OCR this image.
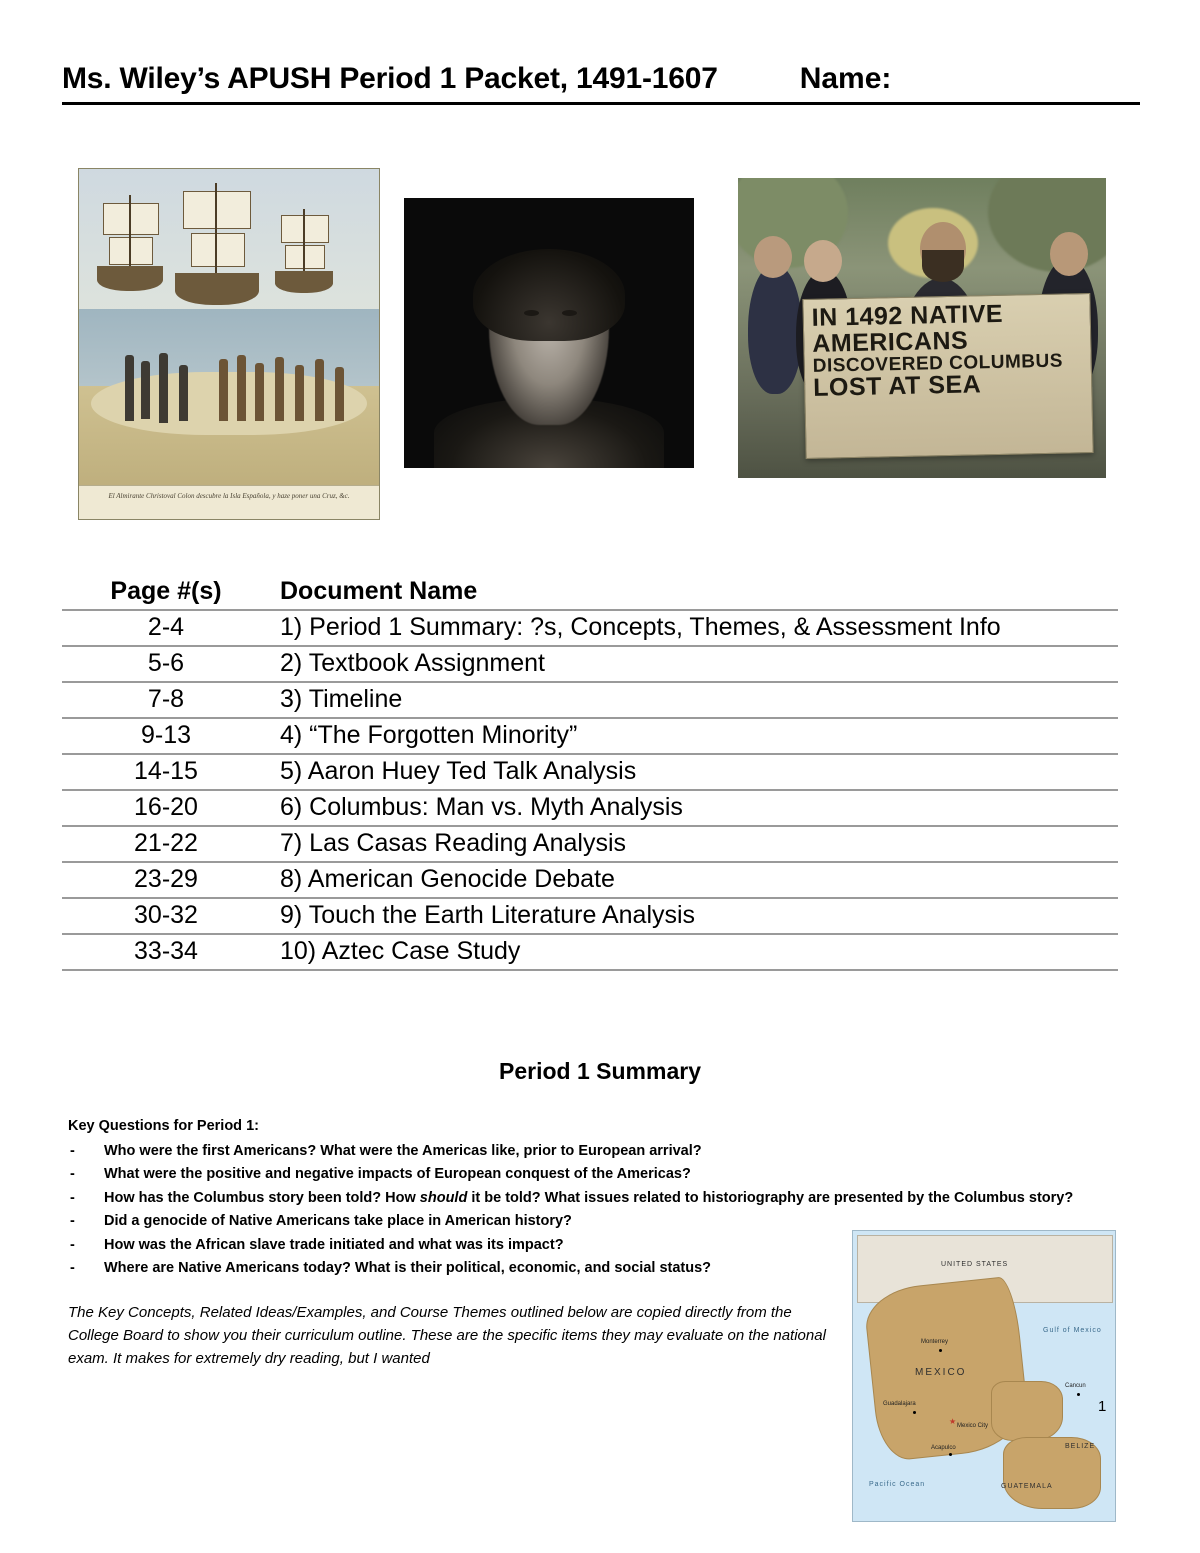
Ms. Wiley’s APUSH Period 1 Packet, 1491-1607	Name:
El Almirante Christoval Colon descubre la Isla Española, y haze poner una Cruz, &c.
IN 1492 NATIVE
AMERICANS
DISCOVERED COLUMBUS
LOST AT SEA
Page #(s)	Document Name
2-4	1) Period 1 Summary: ?s, Concepts, Themes, & Assessment Info
5-6	2) Textbook Assignment
7-8	3) Timeline
9-13	4) “The Forgotten Minority”
14-15	5) Aaron Huey Ted Talk Analysis
16-20	6) Columbus: Man vs. Myth Analysis
21-22	7) Las Casas Reading Analysis
23-29	8) American Genocide Debate
30-32	9) Touch the Earth Literature Analysis
33-34	10) Aztec Case Study
Period 1 Summary
Key Questions for Period 1:
- Who were the first Americans? What were the Americas like, prior to European arrival?
- What were the positive and negative impacts of European conquest of the Americas?
- How has the Columbus story been told? How should it be told? What issues related to historiography are presented by the Columbus story?
- Did a genocide of Native Americans take place in American history?
- How was the African slave trade initiated and what was its impact?
- Where are Native Americans today? What is their political, economic, and social status?
The Key Concepts, Related Ideas/Examples, and Course Themes outlined below are copied directly from the College Board to show you their curriculum outline. These are the specific items they may evaluate on the national exam. It makes for extremely dry reading, but I wanted
UNITED STATES
MEXICO
GUATEMALA
BELIZE
Gulf of Mexico
Pacific Ocean
Monterrey
Guadalajara
★ Mexico City
Acapulco
Cancun
1
